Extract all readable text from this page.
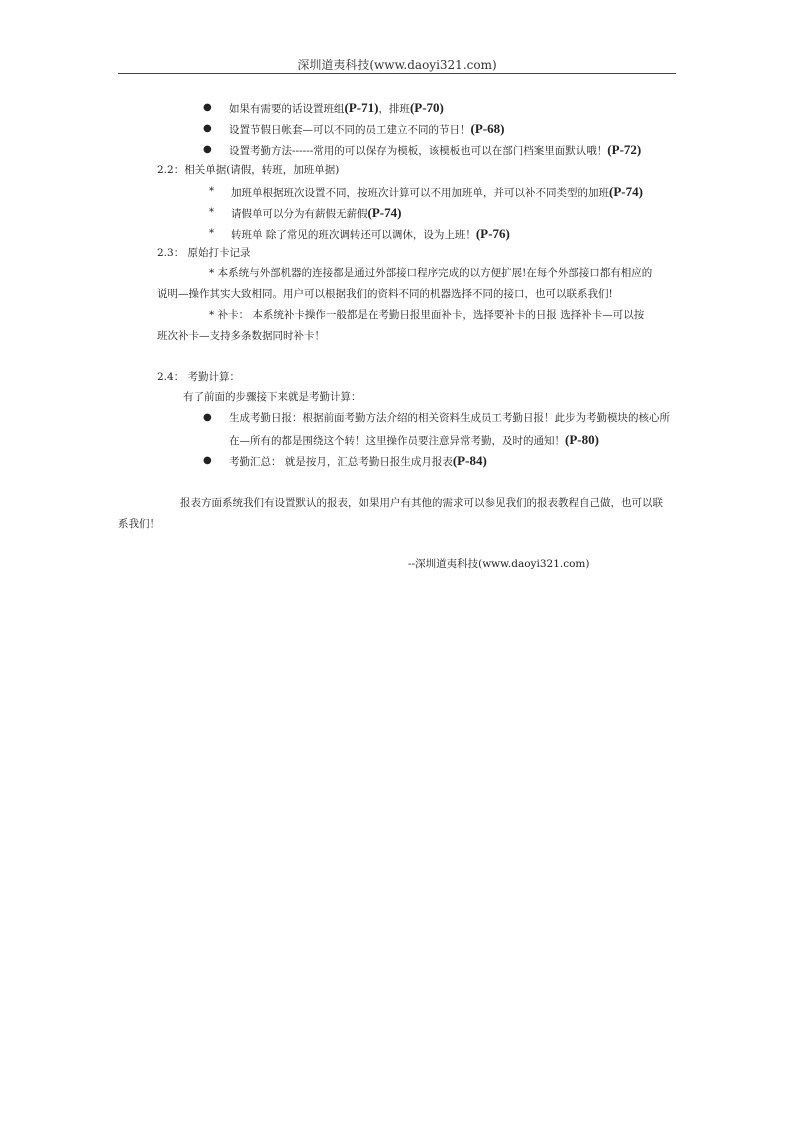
深圳道夷科技(www.daoyi321.com)
● 如果有需要的话设置班组(P-71)，排班(P-70)
● 设置节假日帐套—可以不同的员工建立不同的节日！(P-68)
● 设置考勤方法------常用的可以保存为模板，该模板也可以在部门档案里面默认哦！(P-72)
2.2：相关单据(请假，转班，加班单据)
* 加班单根据班次设置不同，按班次计算可以不用加班单，并可以补不同类型的加班(P-74)
* 请假单可以分为有薪假无薪假(P-74)
* 转班单 除了常见的班次调转还可以调休，设为上班！(P-76)
2.3： 原始打卡记录
* 本系统与外部机器的连接都是通过外部接口程序完成的以方便扩展!在每个外部接口都有相应的
说明—操作其实大致相同。用户可以根据我们的资料不同的机器选择不同的接口，也可以联系我们!
* 补卡： 本系统补卡操作一般都是在考勤日报里面补卡，选择要补卡的日报 选择补卡—可以按
班次补卡—支持多条数据同时补卡！
2.4： 考勤计算：
有了前面的步骤接下来就是考勤计算：
● 生成考勤日报：根据前面考勤方法介绍的相关资料生成员工考勤日报！此步为考勤模块的核心所
在—所有的都是围绕这个转！这里操作员要注意异常考勤，及时的通知！(P-80)
● 考勤汇总： 就是按月，汇总考勤日报生成月报表(P-84)
报表方面系统我们有设置默认的报表，如果用户有其他的需求可以参见我们的报表教程自己做，也可以联
系我们！
--深圳道夷科技(www.daoyi321.com)
